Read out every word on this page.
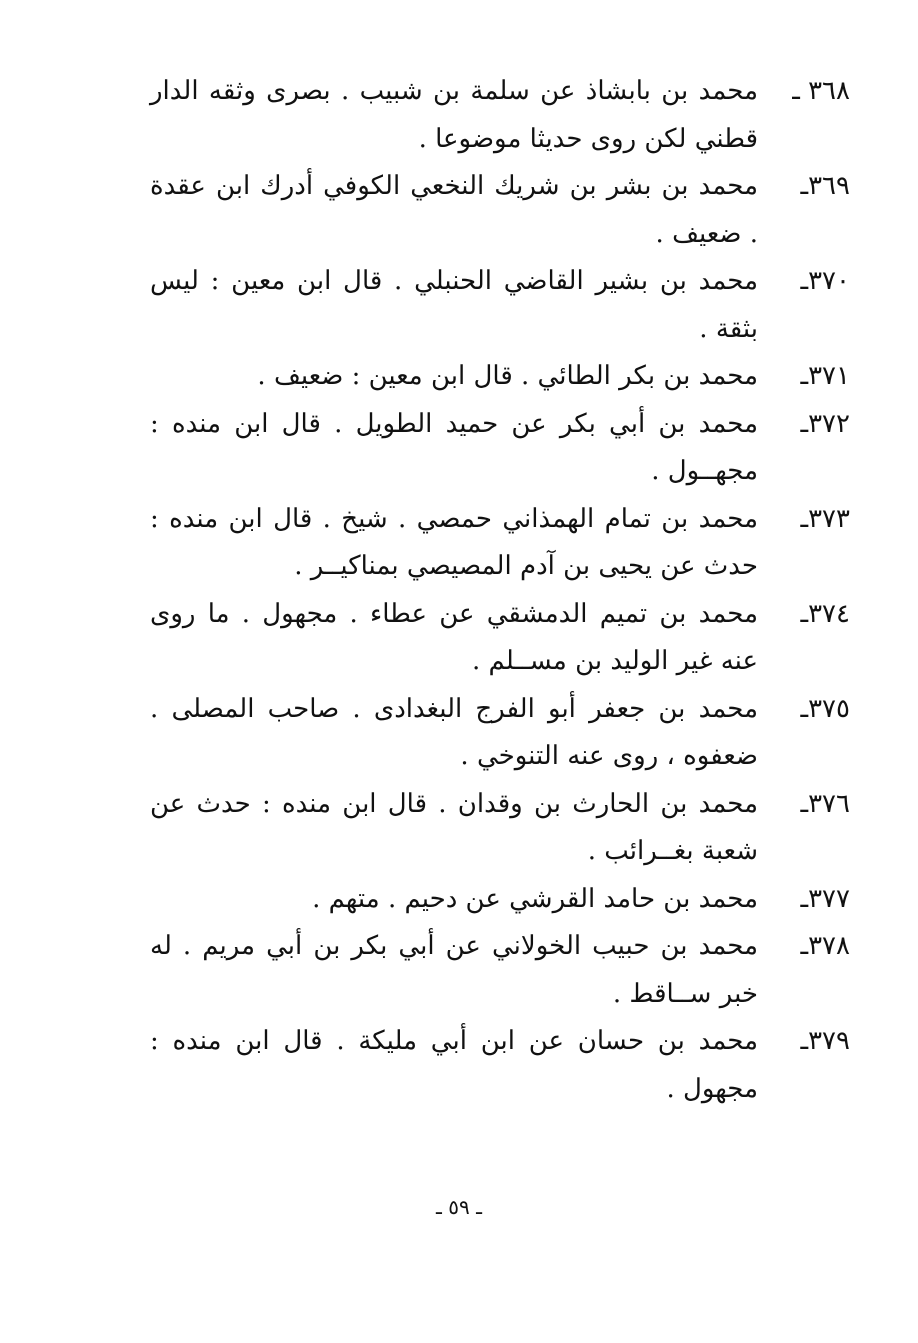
٣٦٨ ـ
محمد بن بابشاذ عن سلمة بن شبيب . بصرى وثقه الدار قطني لكن روى حديثا موضوعا .
٣٦٩ـ
محمد بن بشر بن شريك النخعي الكوفي أدرك ابن عقدة . ضعيف .
٣٧٠ـ
محمد بن بشير القاضي الحنبلي . قال ابن معين : ليس بثقة .
٣٧١ـ
محمد بن بكر الطائي . قال ابن معين : ضعيف .
٣٧٢ـ
محمد بن أبي بكر عن حميد الطويل . قال ابن منده : مجهــول .
٣٧٣ـ
محمد بن تمام الهمذاني حمصي . شيخ . قال ابن منده : حدث عن يحيى بن آدم المصيصي بمناكيــر .
٣٧٤ـ
محمد بن تميم الدمشقي عن عطاء . مجهول . ما روى عنه غير الوليد بن مســلم .
٣٧٥ـ
محمد بن جعفر أبو الفرج البغدادى . صاحب المصلى . ضعفوه ، روى عنه التنوخي .
٣٧٦ـ
محمد بن الحارث بن وقدان . قال ابن منده : حدث عن شعبة بغــرائب .
٣٧٧ـ
محمد بن حامد القرشي عن دحيم . متهم .
٣٧٨ـ
محمد بن حبيب الخولاني عن أبي بكر بن أبي مريم . له خبر ســاقط .
٣٧٩ـ
محمد بن حسان عن ابن أبي مليكة . قال ابن منده : مجهول .
ـ ٥٩ ـ
